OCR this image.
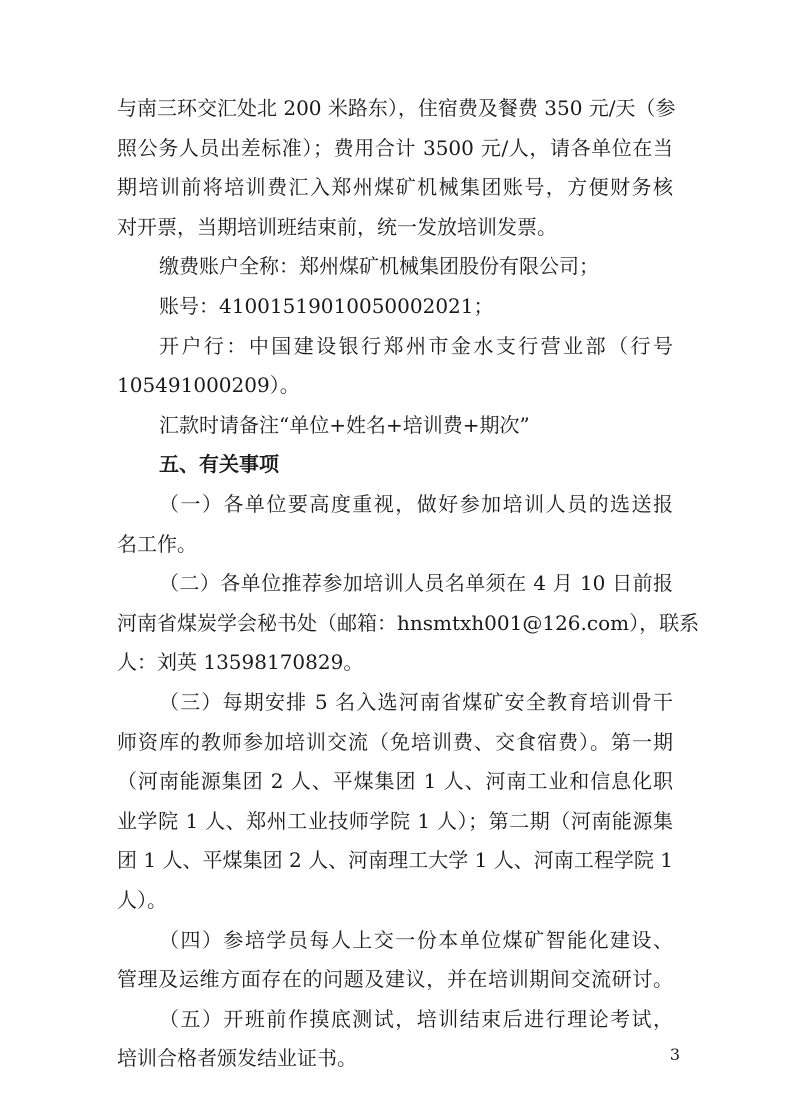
与南三环交汇处北 200 米路东），住宿费及餐费 350 元/天（参
照公务人员出差标准）；费用合计 3500 元/人，请各单位在当
期培训前将培训费汇入郑州煤矿机械集团账号，方便财务核
对开票，当期培训班结束前，统一发放培训发票。
缴费账户全称：郑州煤矿机械集团股份有限公司；
账号：41001519010050002021；
开户行：中国建设银行郑州市金水支行营业部（行号
105491000209）。
汇款时请备注“单位+姓名+培训费+期次”
五、有关事项
（一）各单位要高度重视，做好参加培训人员的选送报
名工作。
（二）各单位推荐参加培训人员名单须在 4 月 10 日前报
河南省煤炭学会秘书处（邮箱：hnsmtxh001@126.com），联系
人：刘英 13598170829。
（三）每期安排 5 名入选河南省煤矿安全教育培训骨干
师资库的教师参加培训交流（免培训费、交食宿费）。第一期
（河南能源集团 2 人、平煤集团 1 人、河南工业和信息化职
业学院 1 人、郑州工业技师学院 1 人）；第二期（河南能源集
团 1 人、平煤集团 2 人、河南理工大学 1 人、河南工程学院 1
人）。
（四）参培学员每人上交一份本单位煤矿智能化建设、
管理及运维方面存在的问题及建议，并在培训期间交流研讨。
（五）开班前作摸底测试，培训结束后进行理论考试，
培训合格者颁发结业证书。	3
